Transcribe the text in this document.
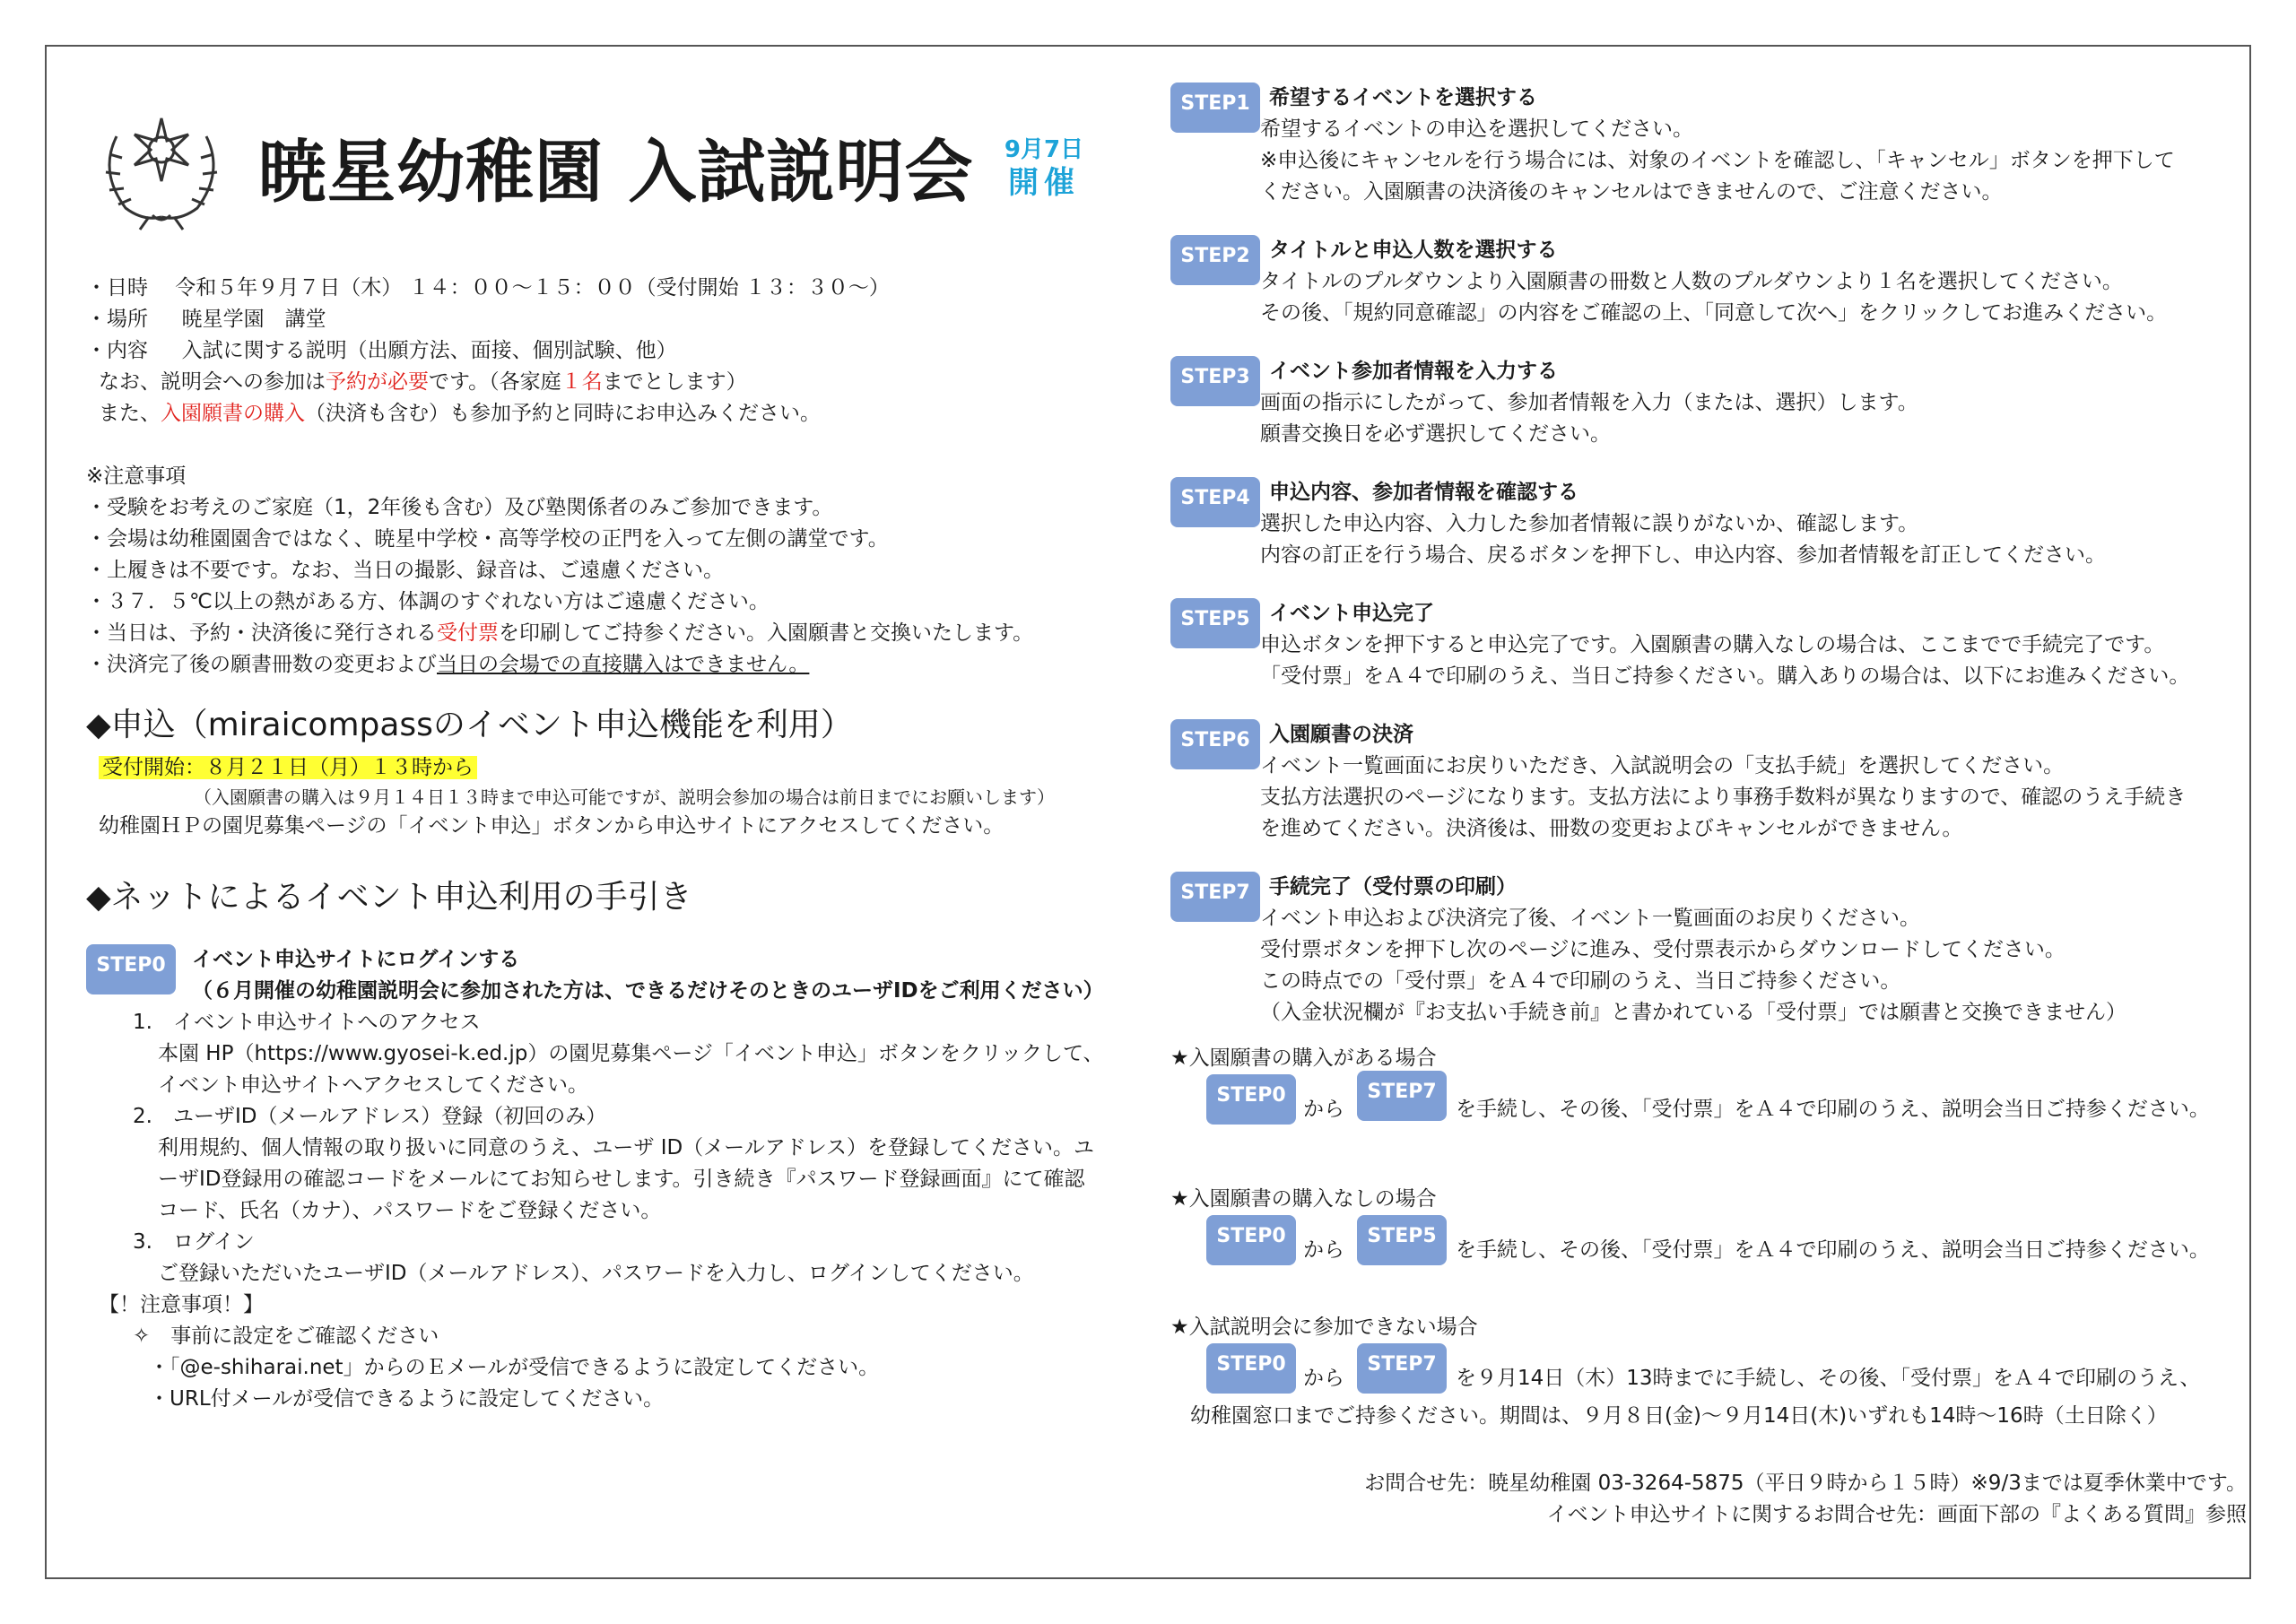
暁星幼稚園 入試説明会	9月7日
開催
・日時　 令和５年９月７日（木） １４：００～１５：００（受付開始 １３：３０～）
・場所 　 暁星学園　講堂
・内容 　 入試に関する説明（出願方法、面接、個別試験、他）
なお、説明会への参加は予約が必要です。（各家庭１名までとします）
また、入園願書の購入（決済も含む）も参加予約と同時にお申込みください。
※注意事項
・受験をお考えのご家庭（1，2年後も含む）及び塾関係者のみご参加できます。
・会場は幼稚園園舎ではなく、暁星中学校・高等学校の正門を入って左側の講堂です。
・上履きは不要です。なお、当日の撮影、録音は、ご遠慮ください。
・３７．５℃以上の熱がある方、体調のすぐれない方はご遠慮ください。
・当日は、予約・決済後に発行される受付票を印刷してご持参ください。入園願書と交換いたします。
・決済完了後の願書冊数の変更および当日の会場での直接購入はできません。
◆申込（miraicompassのイベント申込機能を利用）
受付開始：８月２１日（月）１３時から
（入園願書の購入は９月１４日１３時まで申込可能ですが、説明会参加の場合は前日までにお願いします）
幼稚園ＨＰの園児募集ページの「イベント申込」ボタンから申込サイトにアクセスしてください。
◆ネットによるイベント申込利用の手引き
STEP0	イベント申込サイトにログインする
（６月開催の幼稚園説明会に参加された方は、できるだけそのときのユーザIDをご利用ください）
1.　イベント申込サイトへのアクセス
本園 HP（https://www.gyosei-k.ed.jp）の園児募集ページ「イベント申込」ボタンをクリックして、
イベント申込サイトへアクセスしてください。
2.　ユーザID（メールアドレス）登録（初回のみ）
利用規約、個人情報の取り扱いに同意のうえ、ユーザ ID（メールアドレス）を登録してください。ユ
ーザID登録用の確認コードをメールにてお知らせします。引き続き『パスワード登録画面』にて確認
コード、氏名（カナ）、パスワードをご登録ください。
3.　ログイン
ご登録いただいたユーザID（メールアドレス）、パスワードを入力し、ログインしてください。
【！注意事項！】
✧　事前に設定をご確認ください
・「@e-shiharai.net」からのＥメールが受信できるように設定してください。
・URL付メールが受信できるように設定してください。
STEP1 希望するイベントを選択する
希望するイベントの申込を選択してください。
※申込後にキャンセルを行う場合には、対象のイベントを確認し、「キャンセル」ボタンを押下して
ください。入園願書の決済後のキャンセルはできませんので、ご注意ください。
STEP2 タイトルと申込人数を選択する
タイトルのプルダウンより入園願書の冊数と人数のプルダウンより１名を選択してください。
その後、「規約同意確認」の内容をご確認の上、「同意して次へ」をクリックしてお進みください。
STEP3 イベント参加者情報を入力する
画面の指示にしたがって、参加者情報を入力（または、選択）します。
願書交換日を必ず選択してください。
STEP4 申込内容、参加者情報を確認する
選択した申込内容、入力した参加者情報に誤りがないか、確認します。
内容の訂正を行う場合、戻るボタンを押下し、申込内容、参加者情報を訂正してください。
STEP5 イベント申込完了
申込ボタンを押下すると申込完了です。入園願書の購入なしの場合は、ここまでで手続完了です。
「受付票」をＡ４で印刷のうえ、当日ご持参ください。購入ありの場合は、以下にお進みください。
STEP6 入園願書の決済
イベント一覧画面にお戻りいただき、入試説明会の「支払手続」を選択してください。
支払方法選択のページになります。支払方法により事務手数料が異なりますので、確認のうえ手続き
を進めてください。決済後は、冊数の変更およびキャンセルができません。
STEP7 手続完了（受付票の印刷）
イベント申込および決済完了後、イベント一覧画面のお戻りください。
受付票ボタンを押下し次のページに進み、受付票表示からダウンロードしてください。
この時点での「受付票」をＡ４で印刷のうえ、当日ご持参ください。
（入金状況欄が『お支払い手続き前』と書かれている「受付票」では願書と交換できません）
★入園願書の購入がある場合
STEP0
から
STEP7
を手続し、その後、「受付票」をＡ４で印刷のうえ、説明会当日ご持参ください。
★入園願書の購入なしの場合
STEP0
から
STEP5
を手続し、その後、「受付票」をＡ４で印刷のうえ、説明会当日ご持参ください。
★入試説明会に参加できない場合
STEP0
から
STEP7
を９月14日（木）13時までに手続し、その後、「受付票」をＡ４で印刷のうえ、
幼稚園窓口までご持参ください。期間は、９月８日(金)～９月14日(木)いずれも14時～16時（土日除く）
お問合せ先：暁星幼稚園 03-3264-5875（平日９時から１５時）※9/3までは夏季休業中です。
イベント申込サイトに関するお問合せ先：画面下部の『よくある質問』参照
